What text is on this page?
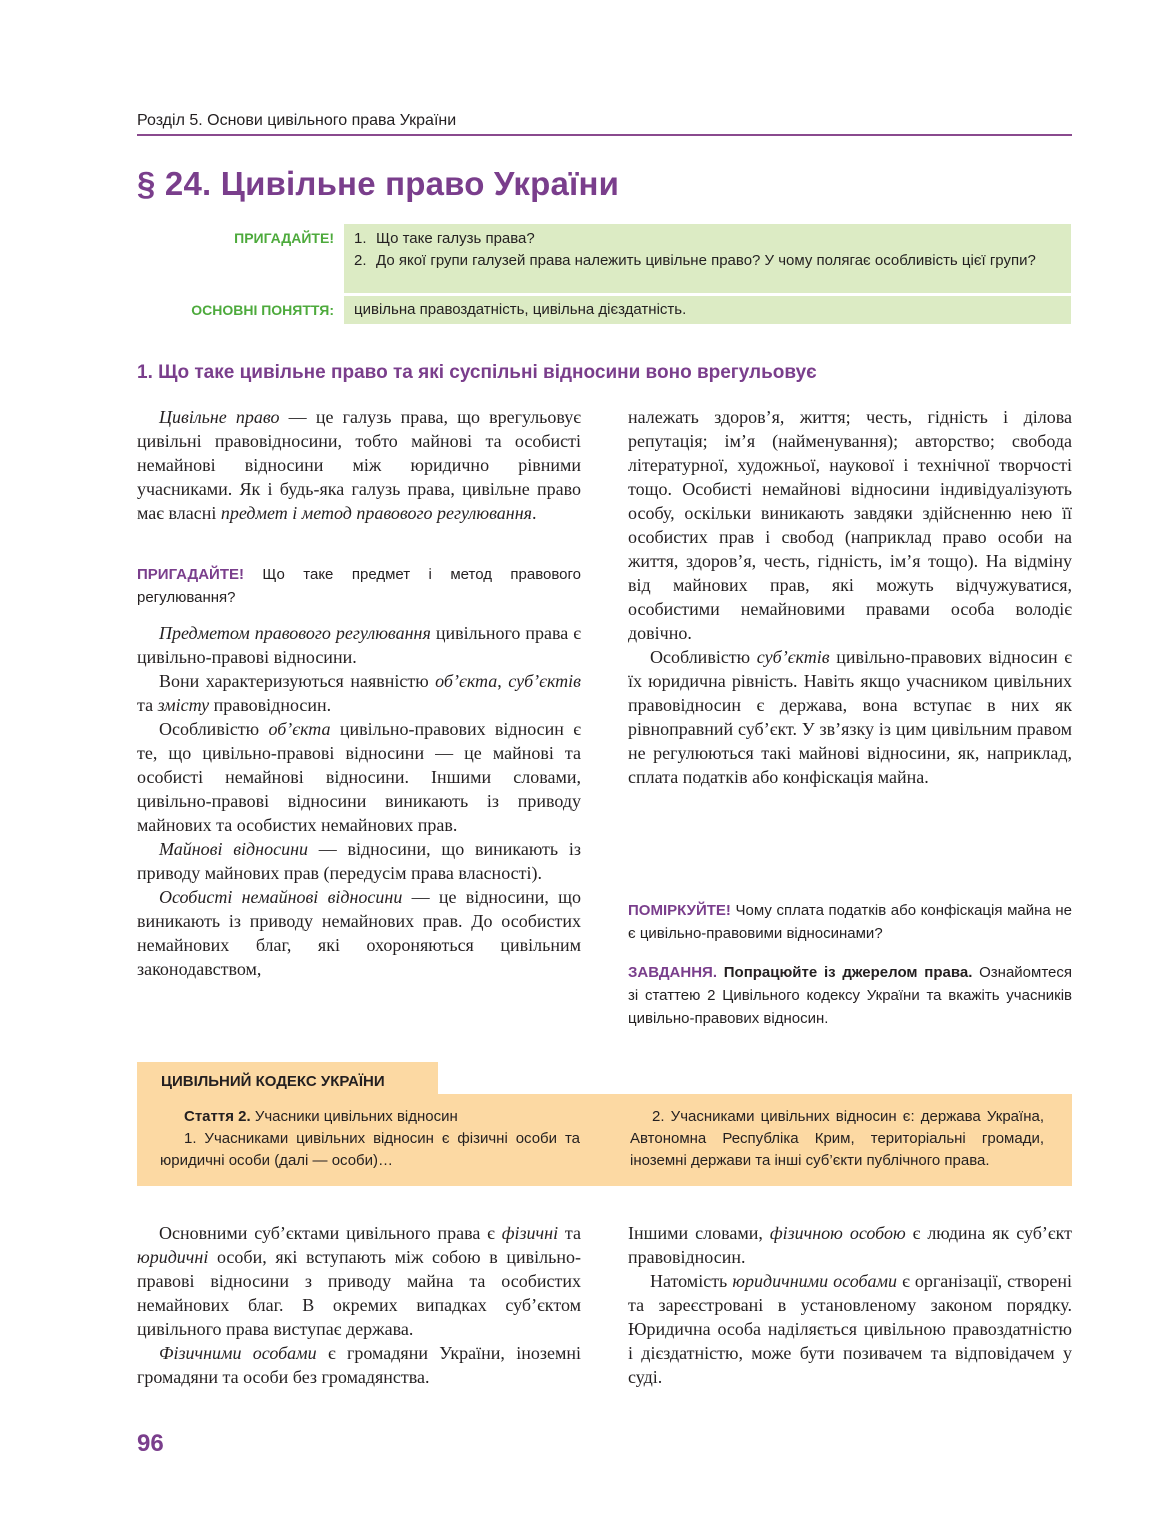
Розділ 5. Основи цивільного права України
§ 24. Цивільне право України
ПРИГАДАЙТЕ! 1. Що таке галузь права?
2. До якої групи галузей права належить цивільне право? У чому полягає особливість цієї групи?
ОСНОВНІ ПОНЯТТЯ:	цивільна правоздатність, цивільна дієздатність.
1. Що таке цивільне право та які суспільні відносини воно врегульовує

Цивільне право — це галузь права, що врегульовує цивільні правовідносини, тобто майнові та особисті немайнові відносини між юридично рівними учасниками. Як і будь-яка галузь права, цивільне право має власні предмет і метод правового регулювання.

ПРИГАДАЙТЕ! Що таке предмет і метод правового регулювання?

Предметом правового регулювання цивільного права є цивільно-правові відносини.

Вони характеризуються наявністю об’єкта, суб’єктів та змісту правовідносин.

Особливістю об’єкта цивільно-правових відносин є те, що цивільно-правові відносини — це майнові та особисті немайнові відносини. Іншими словами, цивільно-правові відносини виникають із приводу майнових та особистих немайнових прав.

Майнові відносини — відносини, що виникають із приводу майнових прав (передусім права власності).

Особисті немайнові відносини — це відносини, що виникають із приводу немайнових прав. До особистих немайнових благ, які охороняються цивільним законодавством,

належать здоров’я, життя; честь, гідність і ділова репутація; ім’я (найменування); авторство; свобода літературної, художньої, наукової і технічної творчості тощо. Особисті немайнові відносини індивідуалізують особу, оскільки виникають завдяки здійсненню нею її особистих прав і свобод (наприклад право особи на життя, здоров’я, честь, гідність, ім’я тощо). На відміну від майнових прав, які можуть відчужуватися, особистими немайновими правами особа володіє довічно.

Особливістю суб’єктів цивільно-правових відносин є їх юридична рівність. Навіть якщо учасником цивільних правовідносин є держава, вона вступає в них як рівноправний суб’єкт. У зв’язку із цим цивільним правом не регулюються такі майнові відносини, як, наприклад, сплата податків або конфіскація майна.

ПОМІРКУЙТЕ! Чому сплата податків або конфіскація майна не є цивільно-правовими відносинами?
ЗАВДАННЯ. Попрацюйте із джерелом права. Ознайомтеся зі статтею 2 Цивільного кодексу України та вкажіть учасників цивільно-правових відносин.
ЦИВІЛЬНИЙ КОДЕКС УКРАЇНИ
Стаття 2. Учасники цивільних відносин
1. Учасниками цивільних відносин є фізичні особи та юридичні особи (далі — особи)…
2. Учасниками цивільних відносин є: держава Україна, Автономна Республіка Крим, територіальні громади, іноземні держави та інші суб’єкти публічного права.

Основними суб’єктами цивільного права є фізичні та юридичні особи, які вступають між собою в цивільно-правові відносини з приводу майна та особистих немайнових благ. В окремих випадках суб’єктом цивільного права виступає держава.

Фізичними особами є громадяни України, іноземні громадяни та особи без громадянства.

Іншими словами, фізичною особою є людина як суб’єкт правовідносин.

Натомість юридичними особами є організації, створені та зареєстровані в установленому законом порядку. Юридична особа наділяється цивільною правоздатністю і дієздатністю, може бути позивачем та відповідачем у суді.

96
